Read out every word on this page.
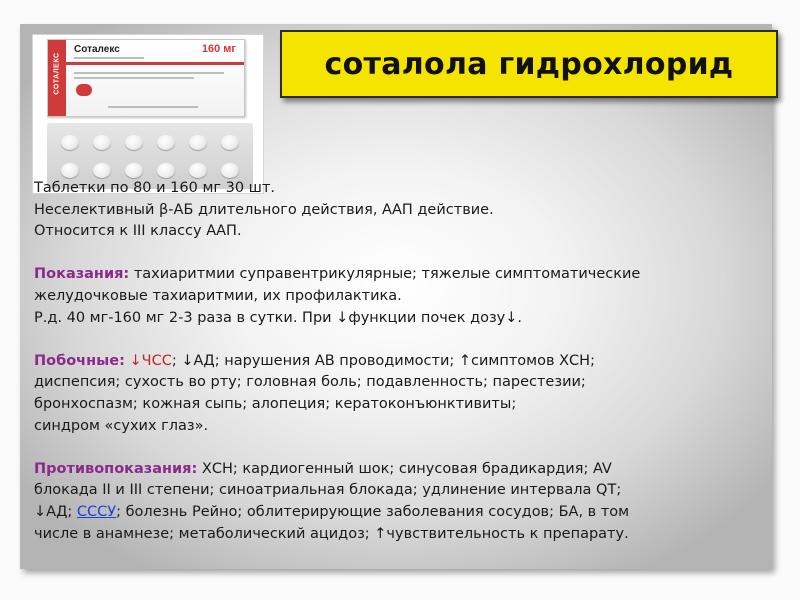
СОТАЛЕКС
Соталекс	160 мг	соталола гидрохлорид
Таблетки по 80 и 160 мг 30 шт.
Неселективный β-АБ длительного действия, ААП действие.
Относится к III классу ААП.
Показания: тахиаритмии суправентрикулярные; тяжелые симптоматические
желудочковые тахиаритмии, их профилактика.
Р.д. 40 мг-160 мг 2-3 раза в сутки. При ↓функции почек дозу↓.
Побочные: ↓ЧСС; ↓АД; нарушения АВ проводимости; ↑симптомов ХСН;
диспепсия; сухость во рту; головная боль; подавленность; парестезии;
бронхоспазм; кожная сыпь; алопеция; кератоконъюнктивиты;
синдром «сухих глаз».
Противопоказания: ХСН; кардиогенный шок; синусовая брадикардия; AV
блокада II и III степени; синоатриальная блокада; удлинение интервала QT;
↓АД; СССУ; болезнь Рейно; облитерирующие заболевания сосудов; БА, в том
числе в анамнезе; метаболический ацидоз; ↑чувствительность к препарату.
